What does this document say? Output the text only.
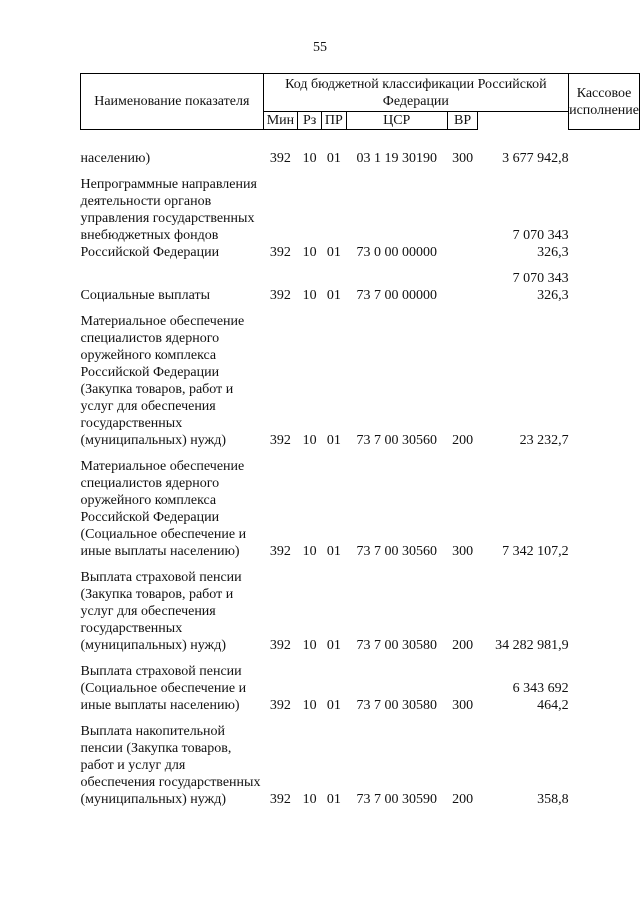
55
Наименование показателя	Код бюджетной классификации Российской Федерации						Кассовое исполнение
	Мин	Рз	ПР	ЦСР	ВР	
населению)	392	10	01	03 1 19 30190	300	3 677 942,8	

Непрограммные направления деятельности органов управления государственных внебюджетных фондов Российской Федерации	392	10	01	73 0 00 00000		7 070 343 326,3	

Социальные выплаты	392	10	01	73 7 00 00000		7 070 343 326,3	

Материальное обеспечение специалистов ядерного оружейного комплекса Российской Федерации (Закупка товаров, работ и услуг для обеспечения государственных (муниципальных) нужд)	392	10	01	73 7 00 30560	200	23 232,7	

Материальное обеспечение специалистов ядерного оружейного комплекса Российской Федерации (Социальное обеспечение и иные выплаты населению)	392	10	01	73 7 00 30560	300	7 342 107,2	

Выплата страховой пенсии (Закупка товаров, работ и услуг для обеспечения государственных (муниципальных) нужд)	392	10	01	73 7 00 30580	200	34 282 981,9	

Выплата страховой пенсии (Социальное обеспечение и иные выплаты населению)	392	10	01	73 7 00 30580	300	6 343 692 464,2	

Выплата накопительной пенсии (Закупка товаров, работ и услуг для обеспечения государственных (муниципальных) нужд)	392	10	01	73 7 00 30590	200	358,8	
